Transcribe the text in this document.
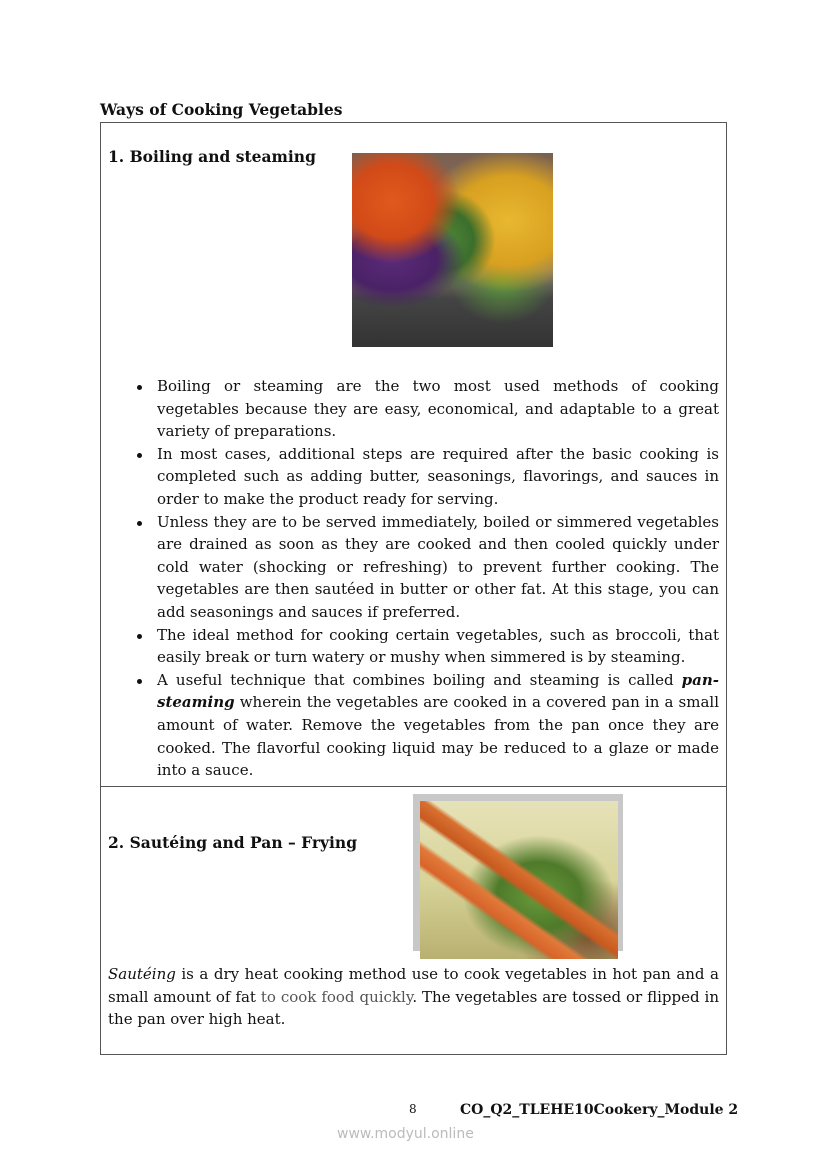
Ways of Cooking Vegetables
1. Boiling and steaming
Boiling or steaming are the two most used methods of cooking vegetables because they are easy, economical, and adaptable to a great variety of preparations.
In most cases, additional steps are required after the basic cooking is completed such as adding butter, seasonings, flavorings, and sauces in order to make the product ready for serving.
Unless they are to be served immediately, boiled or simmered vegetables are drained as soon as they are cooked and then cooled quickly under cold water (shocking or refreshing) to prevent further cooking. The vegetables are then sautéed in butter or other fat. At this stage, you can add seasonings and sauces if preferred.
The ideal method for cooking certain vegetables, such as broccoli, that easily break or turn watery or mushy when simmered is by steaming.
A useful technique that combines boiling and steaming is called pan-steaming wherein the vegetables are cooked in a covered pan in a small amount of water. Remove the vegetables from the pan once they are cooked. The flavorful cooking liquid may be reduced to a glaze or made into a sauce.
2. Sautéing and Pan – Frying
Sautéing is a dry heat cooking method use to cook vegetables in hot pan and a small amount of fat to cook food quickly. The vegetables are tossed or flipped in the pan over high heat.
8	CO_Q2_TLEHE10Cookery_Module 2
www.modyul.online
